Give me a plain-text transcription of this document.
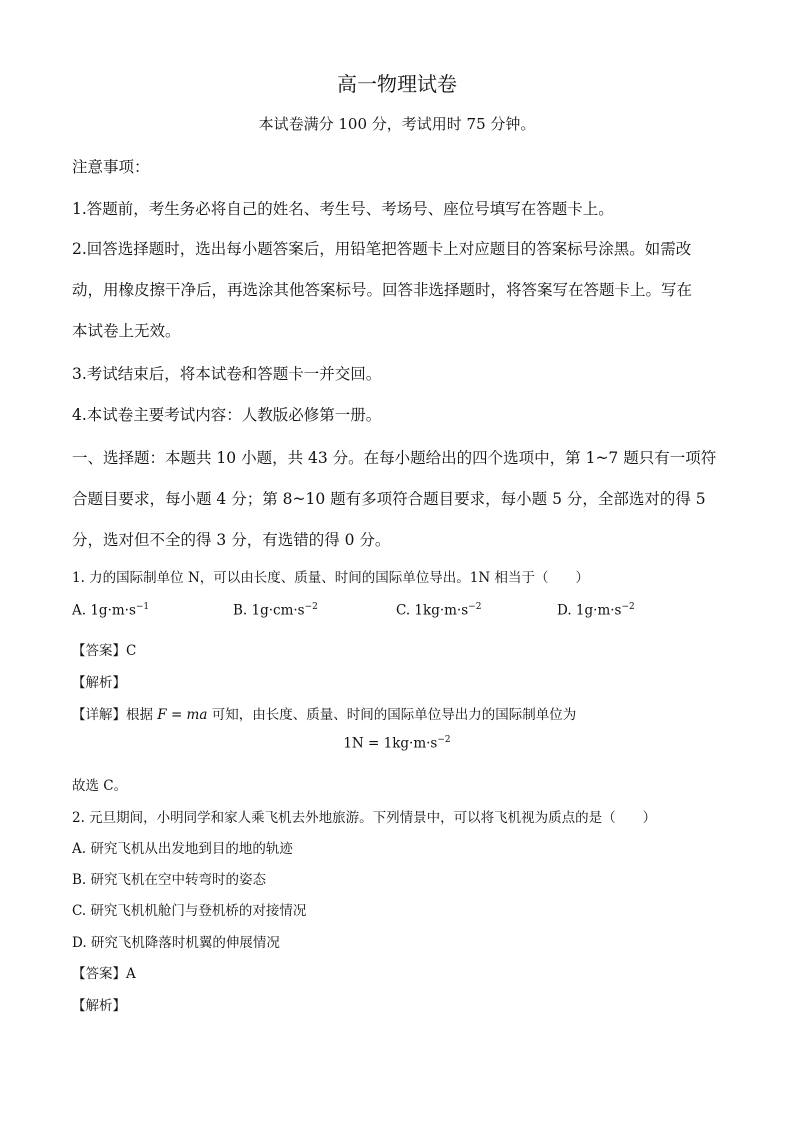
高一物理试卷
本试卷满分 100 分，考试用时 75 分钟。
注意事项：
1.答题前，考生务必将自己的姓名、考生号、考场号、座位号填写在答题卡上。
2.回答选择题时，选出每小题答案后，用铅笔把答题卡上对应题目的答案标号涂黑。如需改
动，用橡皮擦干净后，再选涂其他答案标号。回答非选择题时，将答案写在答题卡上。写在
本试卷上无效。
3.考试结束后，将本试卷和答题卡一并交回。
4.本试卷主要考试内容：人教版必修第一册。
一、选择题：本题共 10 小题，共 43 分。在每小题给出的四个选项中，第 1~7 题只有一项符
合题目要求，每小题 4 分；第 8~10 题有多项符合题目要求，每小题 5 分，全部选对的得 5
分，选对但不全的得 3 分，有选错的得 0 分。
1. 力的国际制单位 N，可以由长度、质量、时间的国际单位导出。1N 相当于（　　）
A. $1g\cdot m\cdot s^{-1}$	B. $1g\cdot cm\cdot s^{-2}$	C. $1kg\cdot m\cdot s^{-2}$	D. $1g\cdot m\cdot s^{-2}$
【答案】C
【解析】
【详解】根据 F = ma 可知，由长度、质量、时间的国际单位导出力的国际制单位为
$1N = 1kg\cdot m\cdot s^{-2}$
故选 C。
2. 元旦期间，小明同学和家人乘飞机去外地旅游。下列情景中，可以将飞机视为质点的是（　　）
A. 研究飞机从出发地到目的地的轨迹
B. 研究飞机在空中转弯时的姿态
C. 研究飞机机舱门与登机桥的对接情况
D. 研究飞机降落时机翼的伸展情况
【答案】A
【解析】
